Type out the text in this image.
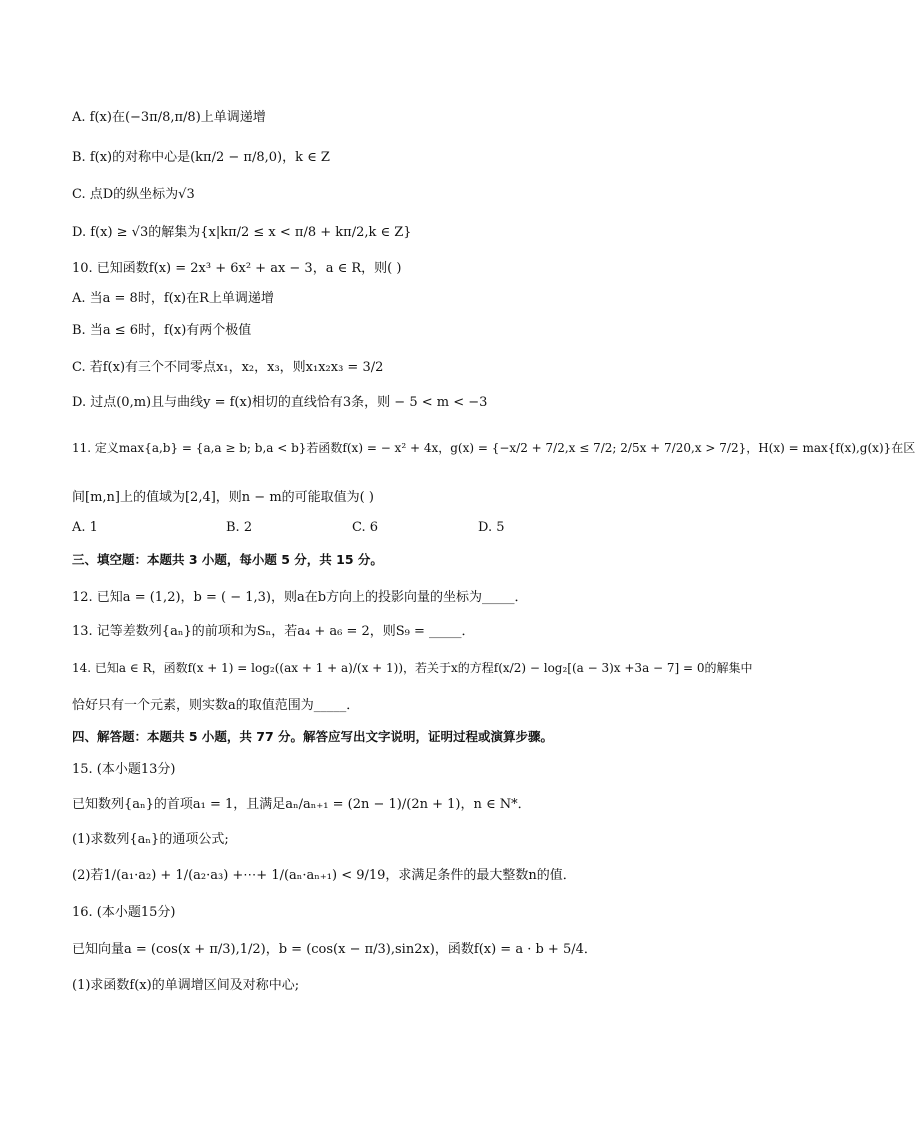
A. f(x)在(−3π/8,π/8)上单调递增
B. f(x)的对称中心是(kπ/2 − π/8,0)，k ∈ Z
C. 点D的纵坐标为√3
D. f(x) ≥ √3的解集为{x|kπ/2 ≤ x < π/8 + kπ/2,k ∈ Z}
10. 已知函数f(x) = 2x³ + 6x² + ax − 3，a ∈ R，则( )
A. 当a = 8时，f(x)在R上单调递增
B. 当a ≤ 6时，f(x)有两个极值
C. 若f(x)有三个不同零点x₁，x₂，x₃，则x₁x₂x₃ = 3/2
D. 过点(0,m)且与曲线y = f(x)相切的直线恰有3条，则 − 5 < m < −3
11. 定义max{a,b} = {a,a ≥ b; b,a < b}若函数f(x) = − x² + 4x，g(x) = {−x/2 + 7/2,x ≤ 7/2; 2/5x + 7/20,x > 7/2}，H(x) = max{f(x),g(x)}在区
间[m,n]上的值域为[2,4]，则n − m的可能取值为( )
A. 1	B. 2	C. 6	D. 5
三、填空题：本题共 3 小题，每小题 5 分，共 15 分。
12. 已知a = (1,2)，b = ( − 1,3)，则a在b方向上的投影向量的坐标为_____．
13. 记等差数列{aₙ}的前项和为Sₙ，若a₄ + a₆ = 2，则S₉ = _____．
14. 已知a ∈ R，函数f(x + 1) = log₂((ax + 1 + a)/(x + 1))，若关于x的方程f(x/2) − log₂[(a − 3)x +3a − 7] = 0的解集中
恰好只有一个元素，则实数a的取值范围为_____．
四、解答题：本题共 5 小题，共 77 分。解答应写出文字说明，证明过程或演算步骤。
15. (本小题13分)
已知数列{aₙ}的首项a₁ = 1，且满足aₙ/aₙ₊₁ = (2n − 1)/(2n + 1)，n ∈ N*．
(1)求数列{aₙ}的通项公式;
(2)若1/(a₁·a₂) + 1/(a₂·a₃) +⋯+ 1/(aₙ·aₙ₊₁) < 9/19，求满足条件的最大整数n的值．
16. (本小题15分)
已知向量a = (cos(x + π/3),1/2)，b = (cos(x − π/3),sin2x)，函数f(x) = a · b + 5/4．
(1)求函数f(x)的单调增区间及对称中心;
